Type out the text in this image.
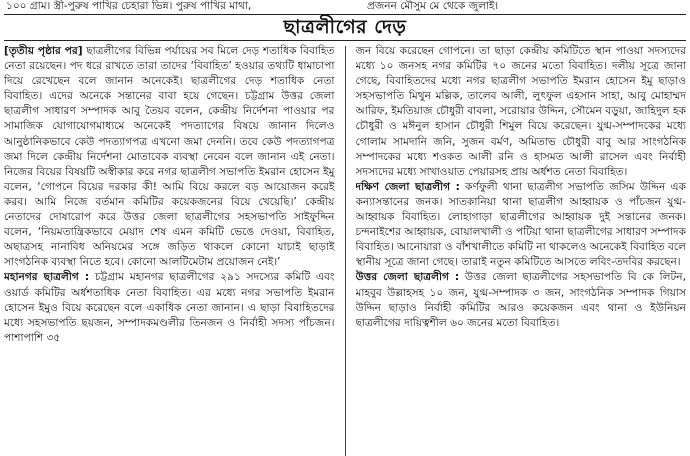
১০০ গ্রাম। স্ত্রী-পুরুষ পাখির চেহারা ভিন্ন। পুরুষ পাখির মাথা,	প্রজনন মৌসুম মে থেকে জুলাই।
ছাত্রলীগের দেড়

[তৃতীয় পৃষ্ঠার পর] ছাত্রলীগের বিভিন্ন পর্যায়ের সব মিলে দেড় শতাধিক বিবাহিত নেতা রয়েছেন। পদ ধরে রাখতে তারা তাদের ‘বিবাহিত’ হওয়ার তথ্যটি ধামাচাপা দিয়ে রেখেছেন বলে জানান অনেকেই। ছাত্রলীগের দেড় শতাধিক নেতা বিবাহিত। এদের অনেকে সন্তানের বাবা হয়ে গেছেন। চট্টগ্রাম উত্তর জেলা ছাত্রলীগ সাধারণ সম্পাদক আবু তৈয়ব বলেন, কেন্দ্রীয় নির্দেশনা পাওয়ার পর সামাজিক যোগাযোগমাধ্যমে অনেকেই পদত্যাগের বিষয়ে জানান দিলেও আনুষ্ঠানিকভাবে কেউ পদত্যাগপত্র এখনো জমা দেননি। তবে কেউ পদত্যাগপত্র জমা দিলে কেন্দ্রীয় নির্দেশনা মোতাবেক ব্যবস্থা নেবেন বলে জানান এই নেতা। নিজের বিয়ের বিষয়টি অস্বীকার করে নগর ছাত্রলীগ সভাপতি ইমরান হোসেন ইমু বলেন, ‘গোপনে বিয়ের দরকার কী! আমি বিয়ে করলে বড় আয়োজন করেই করব। আমি নিজে বর্তমান কমিটির কয়েকজনের বিয়ে খেয়েছি।’ কেন্দ্রীয় নেতাদের দোষারোপ করে উত্তর জেলা ছাত্রলীগের সহসভাপতি সাইফুদ্দিন বলেন, ‘নিয়মতান্ত্রিকভাবে মেয়াদ শেষ এমন কমিটি ভেঙে দেওয়া, বিবাহিত, অছাত্রসহ নানাবিধ অনিয়মের সঙ্গে জড়িত থাকলে কোনো যাচাই ছাড়াই সাংগঠনিক ব্যবস্থা নিতে হবে। কোনো আলটিমেটাম প্রয়োজন নেই।’

মহানগর ছাত্রলীগ : চট্টগ্রাম মহানগর ছাত্রলীগের ২৯১ সদস্যের কমিটি এবং ওয়ার্ড কমিটির অর্ধশতাধিক নেতা বিবাহিত। এর মধ্যে নগর সভাপতি ইমরান হোসেন ইমুও বিয়ে করেছেন বলে একাধিক নেতা জানান। এ ছাড়া বিবাহিতদের মধ্যে সহসভাপতি ছয়জন, সম্পাদকমণ্ডলীর তিনজন ও নির্বাহী সদস্য পাঁচজন। পাশাপাশি ৩৫

জন বিয়ে করেছেন গোপনে। তা ছাড়া কেন্দ্রীয় কমিটিতে স্থান পাওয়া সদস্যদের মধ্যে ১০ জনসহ নগর কমিটির ৭০ জনের মতো বিবাহিত। দলীয় সূত্রে জানা গেছে, বিবাহিতদের মধ্যে নগর ছাত্রলীগ সভাপতি ইমরান হোসেন ইমু ছাড়াও সহসভাপতি মিথুন মল্লিক, তালেব আলী, লুৎফুল এহসান সাহা, আবু মোহাম্মদ আরিফ, ইমতিয়াজ চৌধুরী বাবলা, সরোয়ার উদ্দিন, সৌমেন বড়ুয়া, জাহিদুল হক চৌধুরী ও মঈনুল হাসান চৌধুরী শিমুল বিয়ে করেছেন। যুগ্ম-সম্পাদকের মধ্যে গোলাম সামদানি জনি, সুজন বর্মণ, অমিতাভ চৌধুরী বাবু আর সাংগঠনিক সম্পাদকের মধ্যে শওকত আলী রনি ও হাসমত আলী রাসেল এবং নির্বাহী সদস্যদের মধ্যে সাখাওয়াত পেয়ারসহ প্রায় অর্ধশত নেতা বিবাহিত।

দক্ষিণ জেলা ছাত্রলীগ : কর্ণফুলী থানা ছাত্রলীগ সভাপতি জসিম উদ্দিন এক কন্যাসন্তানের জনক। সাতকানিয়া থানা ছাত্রলীগ আহ্বায়ক ও পাঁচজন যুগ্ম-আহ্বায়ক বিবাহিত। লোহাগাড়া ছাত্রলীগের আহ্বায়ক দুই সন্তানের জনক। চন্দনাইশের আহ্বায়ক, বোয়ালখালী ও পটিয়া থানা ছাত্রলীগের সাধারণ সম্পাদক বিবাহিত। আনোয়ারা ও বাঁশখালীতে কমিটি না থাকলেও অনেকেই বিবাহিত বলে স্থানীয় সূত্রে জানা গেছে। তারাই নতুন কমিটিতে আসতে লবিং-তদবির করছেন।

উত্তর জেলা ছাত্রলীগ : উত্তর জেলা ছাত্রলীগের সহসভাপতি বি কে লিটন, মাহবুব উল্লাহসহ ১০ জন, যুগ্ম-সম্পাদক ৩ জন, সাংগঠনিক সম্পাদক গিয়াস উদ্দিন ছাড়াও নির্বাহী কমিটির আরও কয়েকজন এবং থানা ও ইউনিয়ন ছাত্রলীগের দায়িত্বশীল ৬০ জনের মতো বিবাহিত।
